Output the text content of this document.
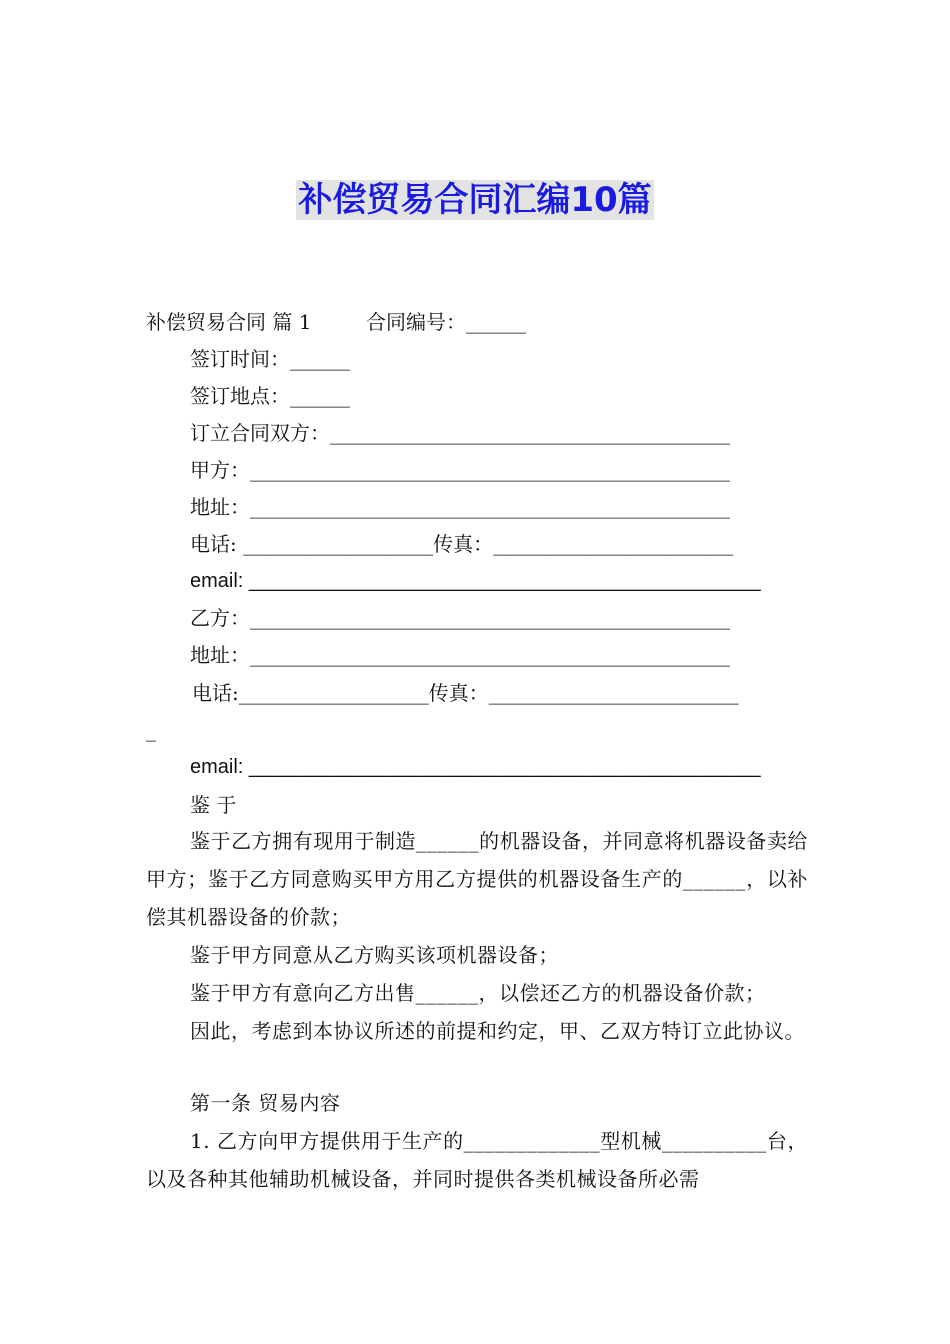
补偿贸易合同汇编10篇
补偿贸易合同 篇 1	合同编号：______
签订时间：______
签订地点：______
订立合同双方：________________________________________
甲方：________________________________________________
地址：________________________________________________
电话: ___________________传真：________________________
email: ______________________________________________
乙方：________________________________________________
地址：________________________________________________
电话:___________________传真：_________________________
_
email: ______________________________________________
鉴 于
鉴于乙方拥有现用于制造______的机器设备，并同意将机器设备卖给甲方；鉴于乙方同意购买甲方用乙方提供的机器设备生产的______，以补偿其机器设备的价款；
鉴于甲方同意从乙方购买该项机器设备；
鉴于甲方有意向乙方出售______，以偿还乙方的机器设备价款；
因此，考虑到本协议所述的前提和约定，甲、乙双方特订立此协议。
第一条 贸易内容
1. 乙方向甲方提供用于生产的_____________型机械__________台，以及各种其他辅助机械设备，并同时提供各类机械设备所必需
